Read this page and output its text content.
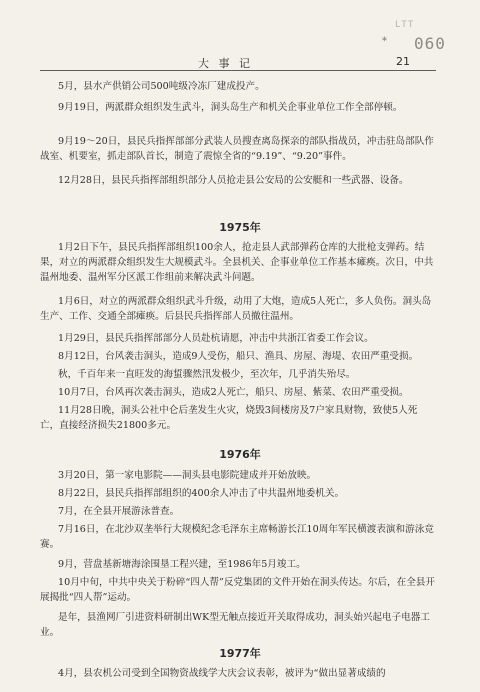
LTT
* 060
大 事 记	21

5月，县水产供销公司500吨级冷冻厂建成投产。

9月19日，两派群众组织发生武斗，洞头岛生产和机关企事业单位工作全部停顿。

9月19～20日，县民兵指挥部部分武装人员搜查离岛探亲的部队指战员，冲击驻岛部队作战室、机要室，抓走部队首长，制造了震惊全省的“9.19”、“9.20”事件。

12月28日，县民兵指挥部组织部分人员抢走县公安局的公安艇和一些武器、设备。

1975年

1月2日下午，县民兵指挥部组织100余人，抢走县人武部弹药仓库的大批枪支弹药。结果，对立的两派群众组织发生大规模武斗。全县机关、企事业单位工作基本瘫痪。次日，中共温州地委、温州军分区派工作组前来解决武斗问题。

1月6日，对立的两派群众组织武斗升级，动用了大炮，造成5人死亡，多人负伤。洞头岛生产、工作、交通全部瘫痪。后县民兵指挥部人员撤往温州。

1月29日，县民兵指挥部部分人员赴杭请愿，冲击中共浙江省委工作会议。

8月12日，台风袭击洞头，造成9人受伤，船只、渔具、房屋、海堤、农田严重受损。

秋，千百年来一直旺发的海蜇骤然汛发极少，至次年，几乎消失殆尽。

10月7日，台风再次袭击洞头，造成2人死亡，船只、房屋、紫菜、农田严重受损。

11月28日晚，洞头公社中仑后垄发生火灾，烧毁3间楼房及7户家具财物，致使5人死亡，直接经济损失21800多元。

1976年

3月20日，第一家电影院——洞头县电影院建成并开始放映。

8月22日，县民兵指挥部组织的400余人冲击了中共温州地委机关。

7月，在全县开展游泳普查。

7月16日，在北沙双垄举行大规模纪念毛泽东主席畅游长江10周年军民横渡表演和游泳竞赛。

9月，营盘基新塘海涂围垦工程兴建，至1986年5月竣工。

10月中旬，中共中央关于粉碎“四人帮”反党集团的文件开始在洞头传达。尔后，在全县开展揭批“四人帮”运动。

是年，县渔网厂引进资料研制出WK型无触点接近开关取得成功，洞头始兴起电子电器工业。

1977年

4月，县农机公司受到全国物资战线学大庆会议表彰，被评为“做出显著成绩的
